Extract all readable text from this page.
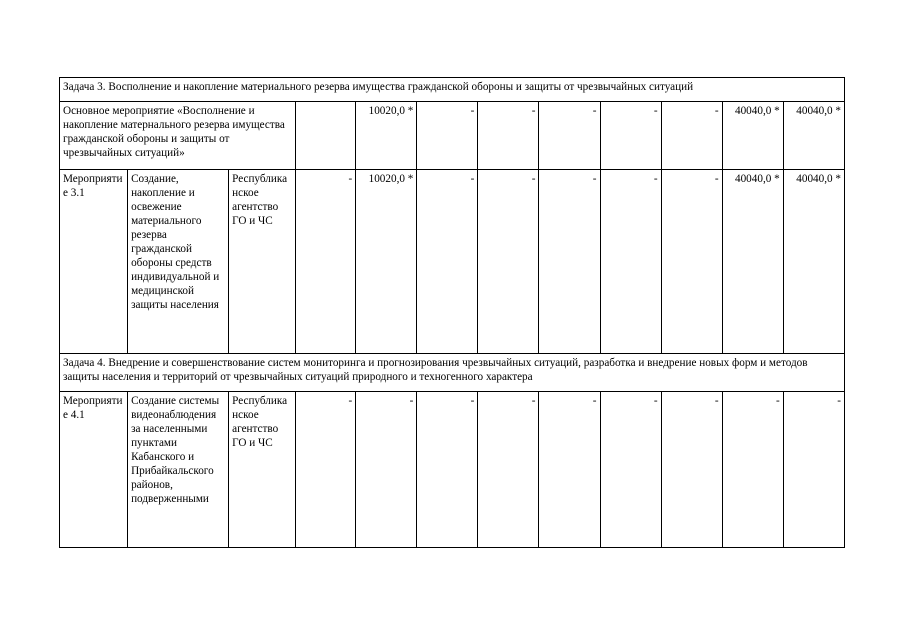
Задача 3. Восполнение и накопление материального резерва имущества гражданской обороны и защиты от чрезвычайных ситуаций											
Основное мероприятие «Восполнение и накопление матернального резерва имущества гражданской обороны и защиты от чрезвычайных ситуаций»				10020,0 *	-	-	-	-	-	40040,0 *	40040,0 *
Мероприятие 3.1	Создание, накопление и освежение материального резерва гражданской обороны средств индивидуальной и медицинской защиты населения	Республиканское агентство ГО и ЧС	-	10020,0 *	-	-	-	-	-	40040,0 *	40040,0 *
Задача 4. Внедрение и совершенствование систем мониторинга и прогнозирования чрезвычайных ситуаций, разработка и внедрение новых форм и методов защиты населения и территорий от чрезвычайных ситуаций природного и техногенного характера											
Мероприятие 4.1	Создание системы видеонаблюдения за населенными пунктами Кабанского и Прибайкальского районов, подверженными	Республиканское агентство ГО и ЧС	-	-	-	-	-	-	-	-	-
